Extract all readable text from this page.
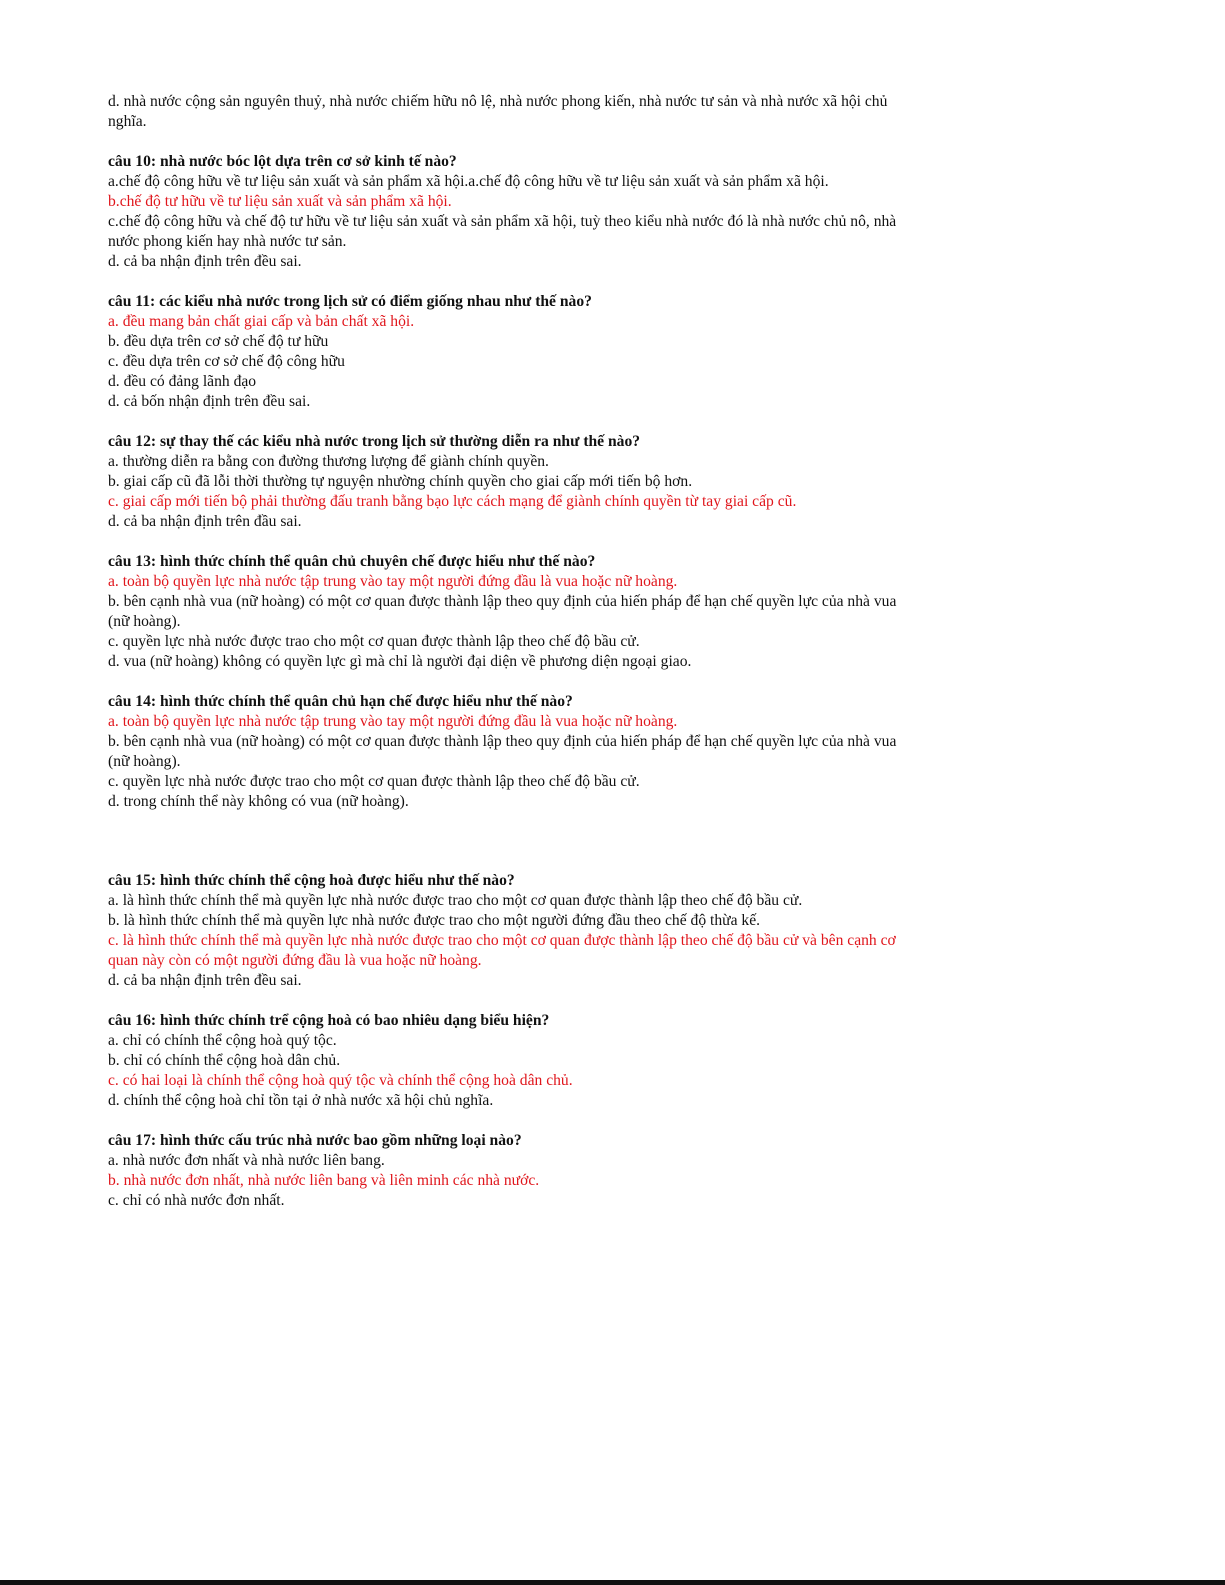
d. nhà nước cộng sản nguyên thuỷ, nhà nước chiếm hữu nô lệ, nhà nước phong kiến, nhà nước tư sản và nhà nước xã hội chủ nghĩa.
câu 10: nhà nước bóc lột dựa trên cơ sở kinh tế nào?
a.chế độ công hữu về tư liệu sản xuất và sản phẩm xã hội.a.chế độ công hữu về tư liệu sản xuất và sản phẩm xã hội.
b.chế độ tư hữu về tư liệu sản xuất và sản phẩm xã hội.
c.chế độ công hữu và chế độ tư hữu về tư liệu sản xuất và sản phẩm xã hội, tuỳ theo kiểu nhà nước đó là nhà nước chủ nô, nhà nước phong kiến hay nhà nước tư sản.
d. cả ba nhận định trên đều sai.
câu 11: các kiểu nhà nước trong lịch sử có điểm giống nhau như thế nào?
a. đều mang bản chất giai cấp và bản chất xã hội.
b. đều dựa trên cơ sở chế độ tư hữu
c. đều dựa trên cơ sở chế độ công hữu
d. đều có đảng lãnh đạo
d. cả bốn nhận định trên đều sai.
câu 12: sự thay thế các kiểu nhà nước trong lịch sử thường diễn ra như thế nào?
a. thường diễn ra bằng con đường thương lượng để giành chính quyền.
b. giai cấp cũ đã lỗi thời thường tự nguyện nhường chính quyền cho giai cấp mới tiến bộ hơn.
c. giai cấp mới tiến bộ phải thường đấu tranh bằng bạo lực cách mạng để giành chính quyền từ tay giai cấp cũ.
d. cả ba nhận định trên đầu sai.
câu 13: hình thức chính thể quân chủ chuyên chế được hiểu như thế nào?
a. toàn bộ quyền lực nhà nước tập trung vào tay một người đứng đầu là vua hoặc nữ hoàng.
b. bên cạnh nhà vua (nữ hoàng) có một cơ quan được thành lập theo quy định của hiến pháp để hạn chế quyền lực của nhà vua (nữ hoàng).
c. quyền lực nhà nước được trao cho một cơ quan được thành lập theo chế độ bầu cử.
d. vua (nữ hoàng) không có quyền lực gì mà chỉ là người đại diện về phương diện ngoại giao.
câu 14: hình thức chính thể quân chủ hạn chế được hiểu như thế nào?
a. toàn bộ quyền lực nhà nước tập trung vào tay một người đứng đầu là vua hoặc nữ hoàng.
b. bên cạnh nhà vua (nữ hoàng) có một cơ quan được thành lập theo quy định của hiến pháp để hạn chế quyền lực của nhà vua (nữ hoàng).
c. quyền lực nhà nước được trao cho một cơ quan được thành lập theo chế độ bầu cử.
d. trong chính thể này không có vua (nữ hoàng).
câu 15: hình thức chính thể cộng hoà được hiểu như thế nào?
a. là hình thức chính thể mà quyền lực nhà nước được trao cho một cơ quan được thành lập theo chế độ bầu cử.
b. là hình thức chính thể mà quyền lực nhà nước được trao cho một người đứng đầu theo chế độ thừa kế.
c. là hình thức chính thể mà quyền lực nhà nước được trao cho một cơ quan được thành lập theo chế độ bầu cử và bên cạnh cơ quan này còn có một người đứng đầu là vua hoặc nữ hoàng.
d. cả ba nhận định trên đều sai.
câu 16: hình thức chính trể cộng hoà có bao nhiêu dạng biểu hiện?
a. chỉ có chính thể cộng hoà quý tộc.
b. chỉ có chính thể cộng hoà dân chủ.
c. có hai loại là chính thể cộng hoà quý tộc và chính thể cộng hoà dân chủ.
d. chính thể cộng hoà chỉ tồn tại ở nhà nước xã hội chủ nghĩa.
câu 17: hình thức cấu trúc nhà nước bao gồm những loại nào?
a. nhà nước đơn nhất và nhà nước liên bang.
b. nhà nước đơn nhất, nhà nước liên bang và liên minh các nhà nước.
c. chỉ có nhà nước đơn nhất.
